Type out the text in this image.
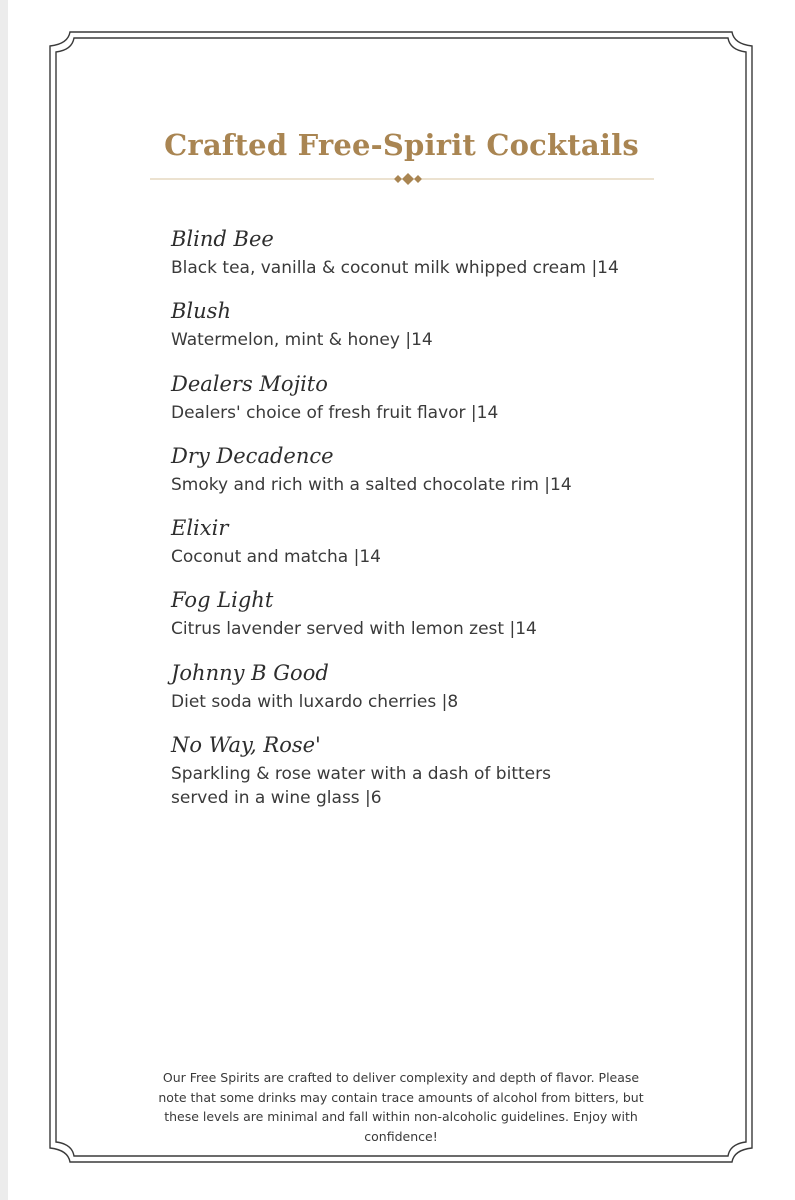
Crafted Free-Spirit Cocktails
Blind Bee
Black tea, vanilla & coconut milk whipped cream |14
Blush
Watermelon, mint & honey |14
Dealers Mojito
Dealers' choice of fresh fruit flavor |14
Dry Decadence
Smoky and rich with a salted chocolate rim |14
Elixir
Coconut and matcha |14
Fog Light
Citrus lavender served with lemon zest |14
Johnny B Good
Diet soda with luxardo cherries |8
No Way, Rose'
Sparkling & rose water with a dash of bitters served in a wine glass |6
Our Free Spirits are crafted to deliver complexity and depth of flavor. Please note that some drinks may contain trace amounts of alcohol from bitters, but these levels are minimal and fall within non-alcoholic guidelines. Enjoy with confidence!
